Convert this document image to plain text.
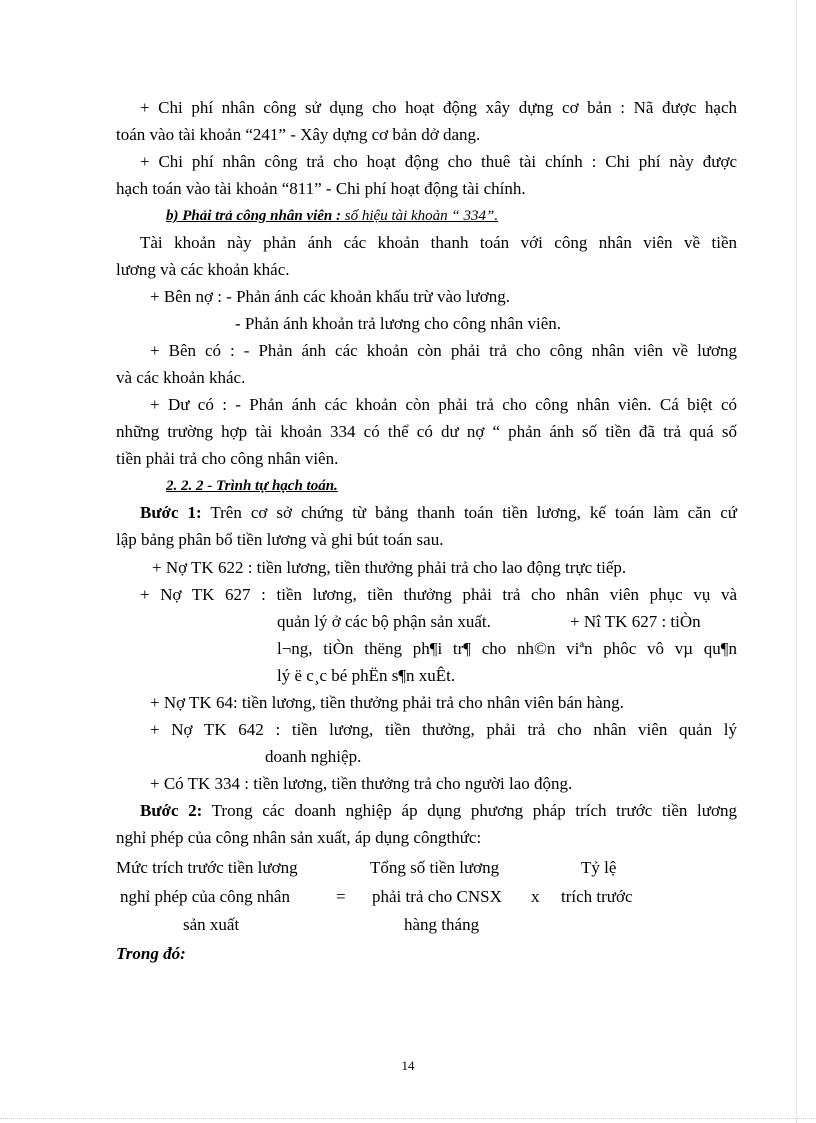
+ Chi phí nhân công sử dụng cho hoạt động xây dựng cơ bản : Nã được hạch
toán vào tài khoản “241” - Xây dựng cơ bản dở dang.
+ Chi phí nhân công trả cho hoạt động cho thuê tài chính : Chi phí này được
hạch toán vào tài khoản “811” - Chi phí hoạt động tài chính.
b) Phải trả công nhân viên : số hiệu tài khoản “ 334”.
Tài khoản này phản ánh các khoản thanh toán với công nhân viên về tiền
lương và các khoản khác.
+ Bên nợ : - Phản ánh các khoản khấu trừ vào lương.
- Phản ánh khoản trả lương cho công nhân viên.
+ Bên có : - Phản ánh các khoản còn phải trả cho công nhân viên về lương
và các khoản khác.
+ Dư có : - Phản ánh các khoản còn phải trả cho công nhân viên. Cá biệt có
những trường hợp tài khoản 334 có thể có dư nợ “ phản ánh số tiền đã trả quá số
tiền phải trả cho công nhân viên.
2. 2. 2 - Trình tự hạch toán.
Bước 1: Trên cơ sở chứng từ bảng thanh toán tiền lương, kế toán làm căn cứ
lập bảng phân bổ tiền lương và ghi bút toán sau.
+ Nợ TK 622 : tiền lương, tiền thưởng phải trả cho lao động trực tiếp.
+ Nợ TK 627 : tiền lương, tiền thưởng phải trả cho nhân viên phục vụ và
quản lý ở các bộ phận sản xuất.	+ Nî TK 627 : tiÒn
l¬ng, tiÒn thëng ph¶i tr¶ cho nh©n viªn phôc vô vµ qu¶n
lý ë c¸c bé phËn s¶n xuÊt.
+ Nợ TK 64: tiền lương, tiền thưởng phải trả cho nhân viên bán hàng.
+ Nợ TK 642 : tiền lương, tiền thưởng, phải trả cho nhân viên quản lý
doanh nghiệp.
+ Có TK 334 : tiền lương, tiền thưởng trả cho người lao động.
Bước 2: Trong các doanh nghiệp áp dụng phương pháp trích trước tiền lương
nghỉ phép của công nhân sản xuất, áp dụng côngthức:
Mức trích trước tiền lương	Tổng số tiền lương	Tỷ lệ
nghỉ phép của công nhân	= phải trả cho CNSX x trích trước
sản xuất	hàng tháng
Trong đó:
14
